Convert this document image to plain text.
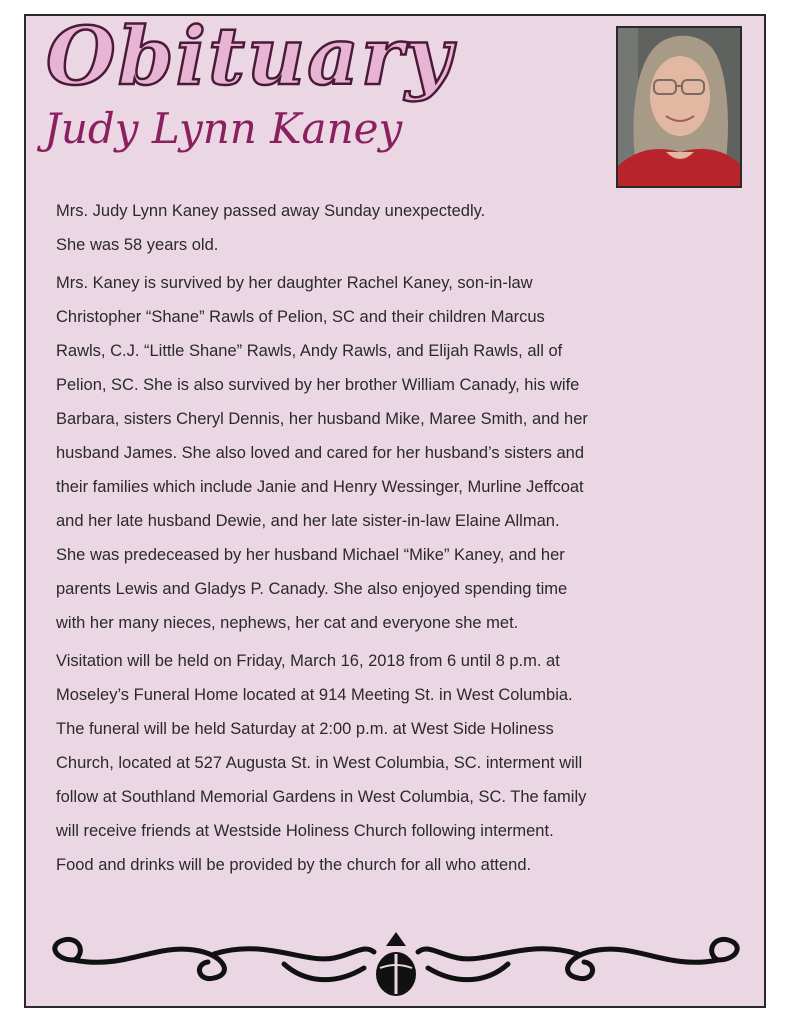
Obituary
Judy Lynn Kaney

Mrs. Judy Lynn Kaney passed away Sunday unexpectedly.
She was 58 years old.

Mrs. Kaney is survived by her daughter Rachel Kaney, son-in-law
Christopher “Shane” Rawls of Pelion, SC and their children Marcus
Rawls, C.J. “Little Shane” Rawls, Andy Rawls, and Elijah Rawls, all of
Pelion, SC. She is also survived by her brother William Canady, his wife
Barbara, sisters Cheryl Dennis, her husband Mike, Maree Smith, and her
husband James. She also loved and cared for her husband’s sisters and
their families which include Janie and Henry Wessinger, Murline Jeffcoat
and her late husband Dewie, and her late sister-in-law Elaine Allman.
She was predeceased by her husband Michael “Mike” Kaney, and her
parents Lewis and Gladys P. Canady. She also enjoyed spending time
with her many nieces, nephews, her cat and everyone she met.

Visitation will be held on Friday, March 16, 2018 from 6 until 8 p.m. at
Moseley’s Funeral Home located at 914 Meeting St. in West Columbia.
The funeral will be held Saturday at 2:00 p.m. at West Side Holiness
Church, located at 527 Augusta St. in West Columbia, SC. interment will
follow at Southland Memorial Gardens in West Columbia, SC. The family
will receive friends at Westside Holiness Church following interment.
Food and drinks will be provided by the church for all who attend.
